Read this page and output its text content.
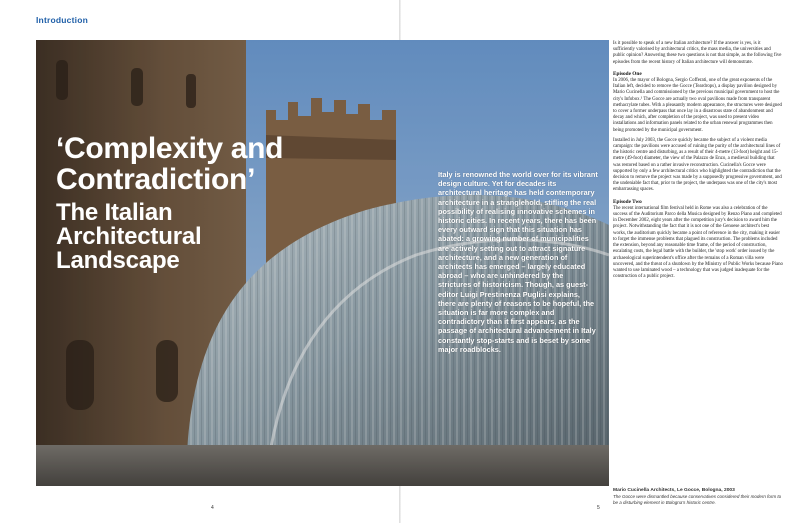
Introduction
‘Complexity and Contradiction’
The Italian
Architectural
Landscape

Italy is renowned the world over for its vibrant design culture. Yet for decades its architectural heritage has held contemporary architecture in a stranglehold, stifling the real possibility of realising innovative schemes in historic cities. In recent years, there has been every outward sign that this situation has abated: a growing number of municipalities are actively setting out to attract signature architecture, and a new generation of architects has emerged – largely educated abroad – who are unhindered by the strictures of historicism. Though, as guest-editor Luigi Prestinenza Puglisi explains, there are plenty of reasons to be hopeful, the situation is far more complex and contradictory than it first appears, as the passage of architectural advancement in Italy constantly stop-starts and is beset by some major roadblocks.

Is it possible to speak of a new Italian architecture? If the answer is yes, is it sufficiently valorised by architectural critics, the mass media, the universities and public opinion? Answering these two questions is not that simple, as the following five episodes from the recent history of Italian architecture will demonstrate.

Episode One

In 2006, the mayor of Bologna, Sergio Cofferati, one of the great exponents of the Italian left, decided to remove the Gocce (Teardrops), a display pavilion designed by Mario Cucinella and commissioned by the previous municipal government to host the city's Infobox.¹ The Gocce are actually two oval pavilions made from transparent methacrylate tubes. With a pleasantly modern appearance, the structures were designed to cover a former underpass that once lay in a disastrous state of abandonment and decay and which, after completion of the project, was used to present video installations and information panels related to the urban renewal programmes then being promoted by the municipal government.

Installed in July 2003, the Gocce quickly became the subject of a violent media campaign: the pavilions were accused of ruining the purity of the architectural lines of the historic centre and disturbing, as a result of their 4-metre (13-foot) height and 15-metre (49-foot) diameter, the view of the Palazzo de Enzo, a medieval building that was restored based on a rather invasive reconstruction. Cucinella's Gocce were supported by only a few architectural critics who highlighted the contradiction that the decision to remove the project was made by a supposedly progressive government, and the undeniable fact that, prior to the project, the underpass was one of the city's most embarrassing spaces.

Episode Two

The recent international film festival held in Rome was also a celebration of the success of the Auditorium Parco della Musica designed by Renzo Piano and completed in December 2002, eight years after the competition jury's decision to award him the project. Notwithstanding the fact that it is not one of the Genoese architect's best works, the auditorium quickly became a point of reference in the city, making it easier to forget the immense problems that plagued its construction. The problems included the extension, beyond any reasonable time frame, of the period of construction, escalating costs, the legal battle with the builder, the 'stop work' order issued by the archaeological superintendent's office after the remains of a Roman villa were uncovered, and the threat of a shutdown by the Ministry of Public Works because Piano wanted to use laminated wood – a technology that was judged inadequate for the construction of a public project.

Mario Cucinella Architects, Le Gocce, Bologna, 2003

The Gocce were dismantled because conservatives considered their modern form to be a disturbing element in Bologna's historic centre.

4	5
